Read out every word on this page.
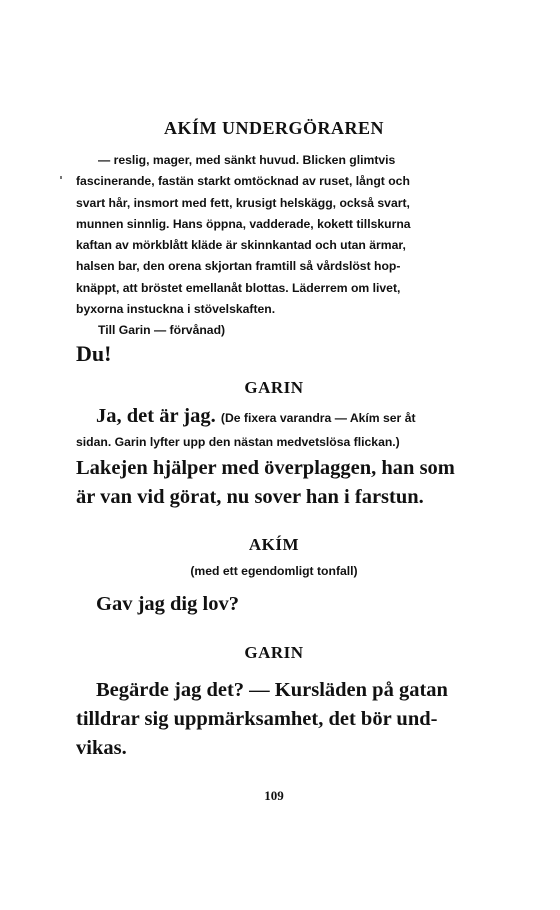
AKÍM UNDERGÖRAREN

— reslig, mager, med sänkt huvud. Blicken glimtvis

fascinerande, fastän starkt omtöcknad av ruset, långt och

svart hår, insmort med fett, krusigt helskägg, också svart,

munnen sinnlig. Hans öppna, vadderade, kokett tillskurna

kaftan av mörkblått kläde är skinnkantad och utan ärmar,

halsen bar, den orena skjortan framtill så vårdslöst hop-

knäppt, att bröstet emellanåt blottas. Läderrem om livet,

byxorna instuckna i stövelskaften.

Till Garin — förvånad)

Du!
GARIN
Ja, det är jag. (De fixera varandra — Akím ser åt
sidan. Garin lyfter upp den nästan medvetslösa flickan.)
Lakejen hjälper med överplaggen, han som
är van vid görat, nu sover han i farstun.
AKÍM
(med ett egendomligt tonfall)
Gav jag dig lov?
GARIN
Begärde jag det? — Kursläden på gatan
tilldrar sig uppmärksamhet, det bör und-
vikas.
109
